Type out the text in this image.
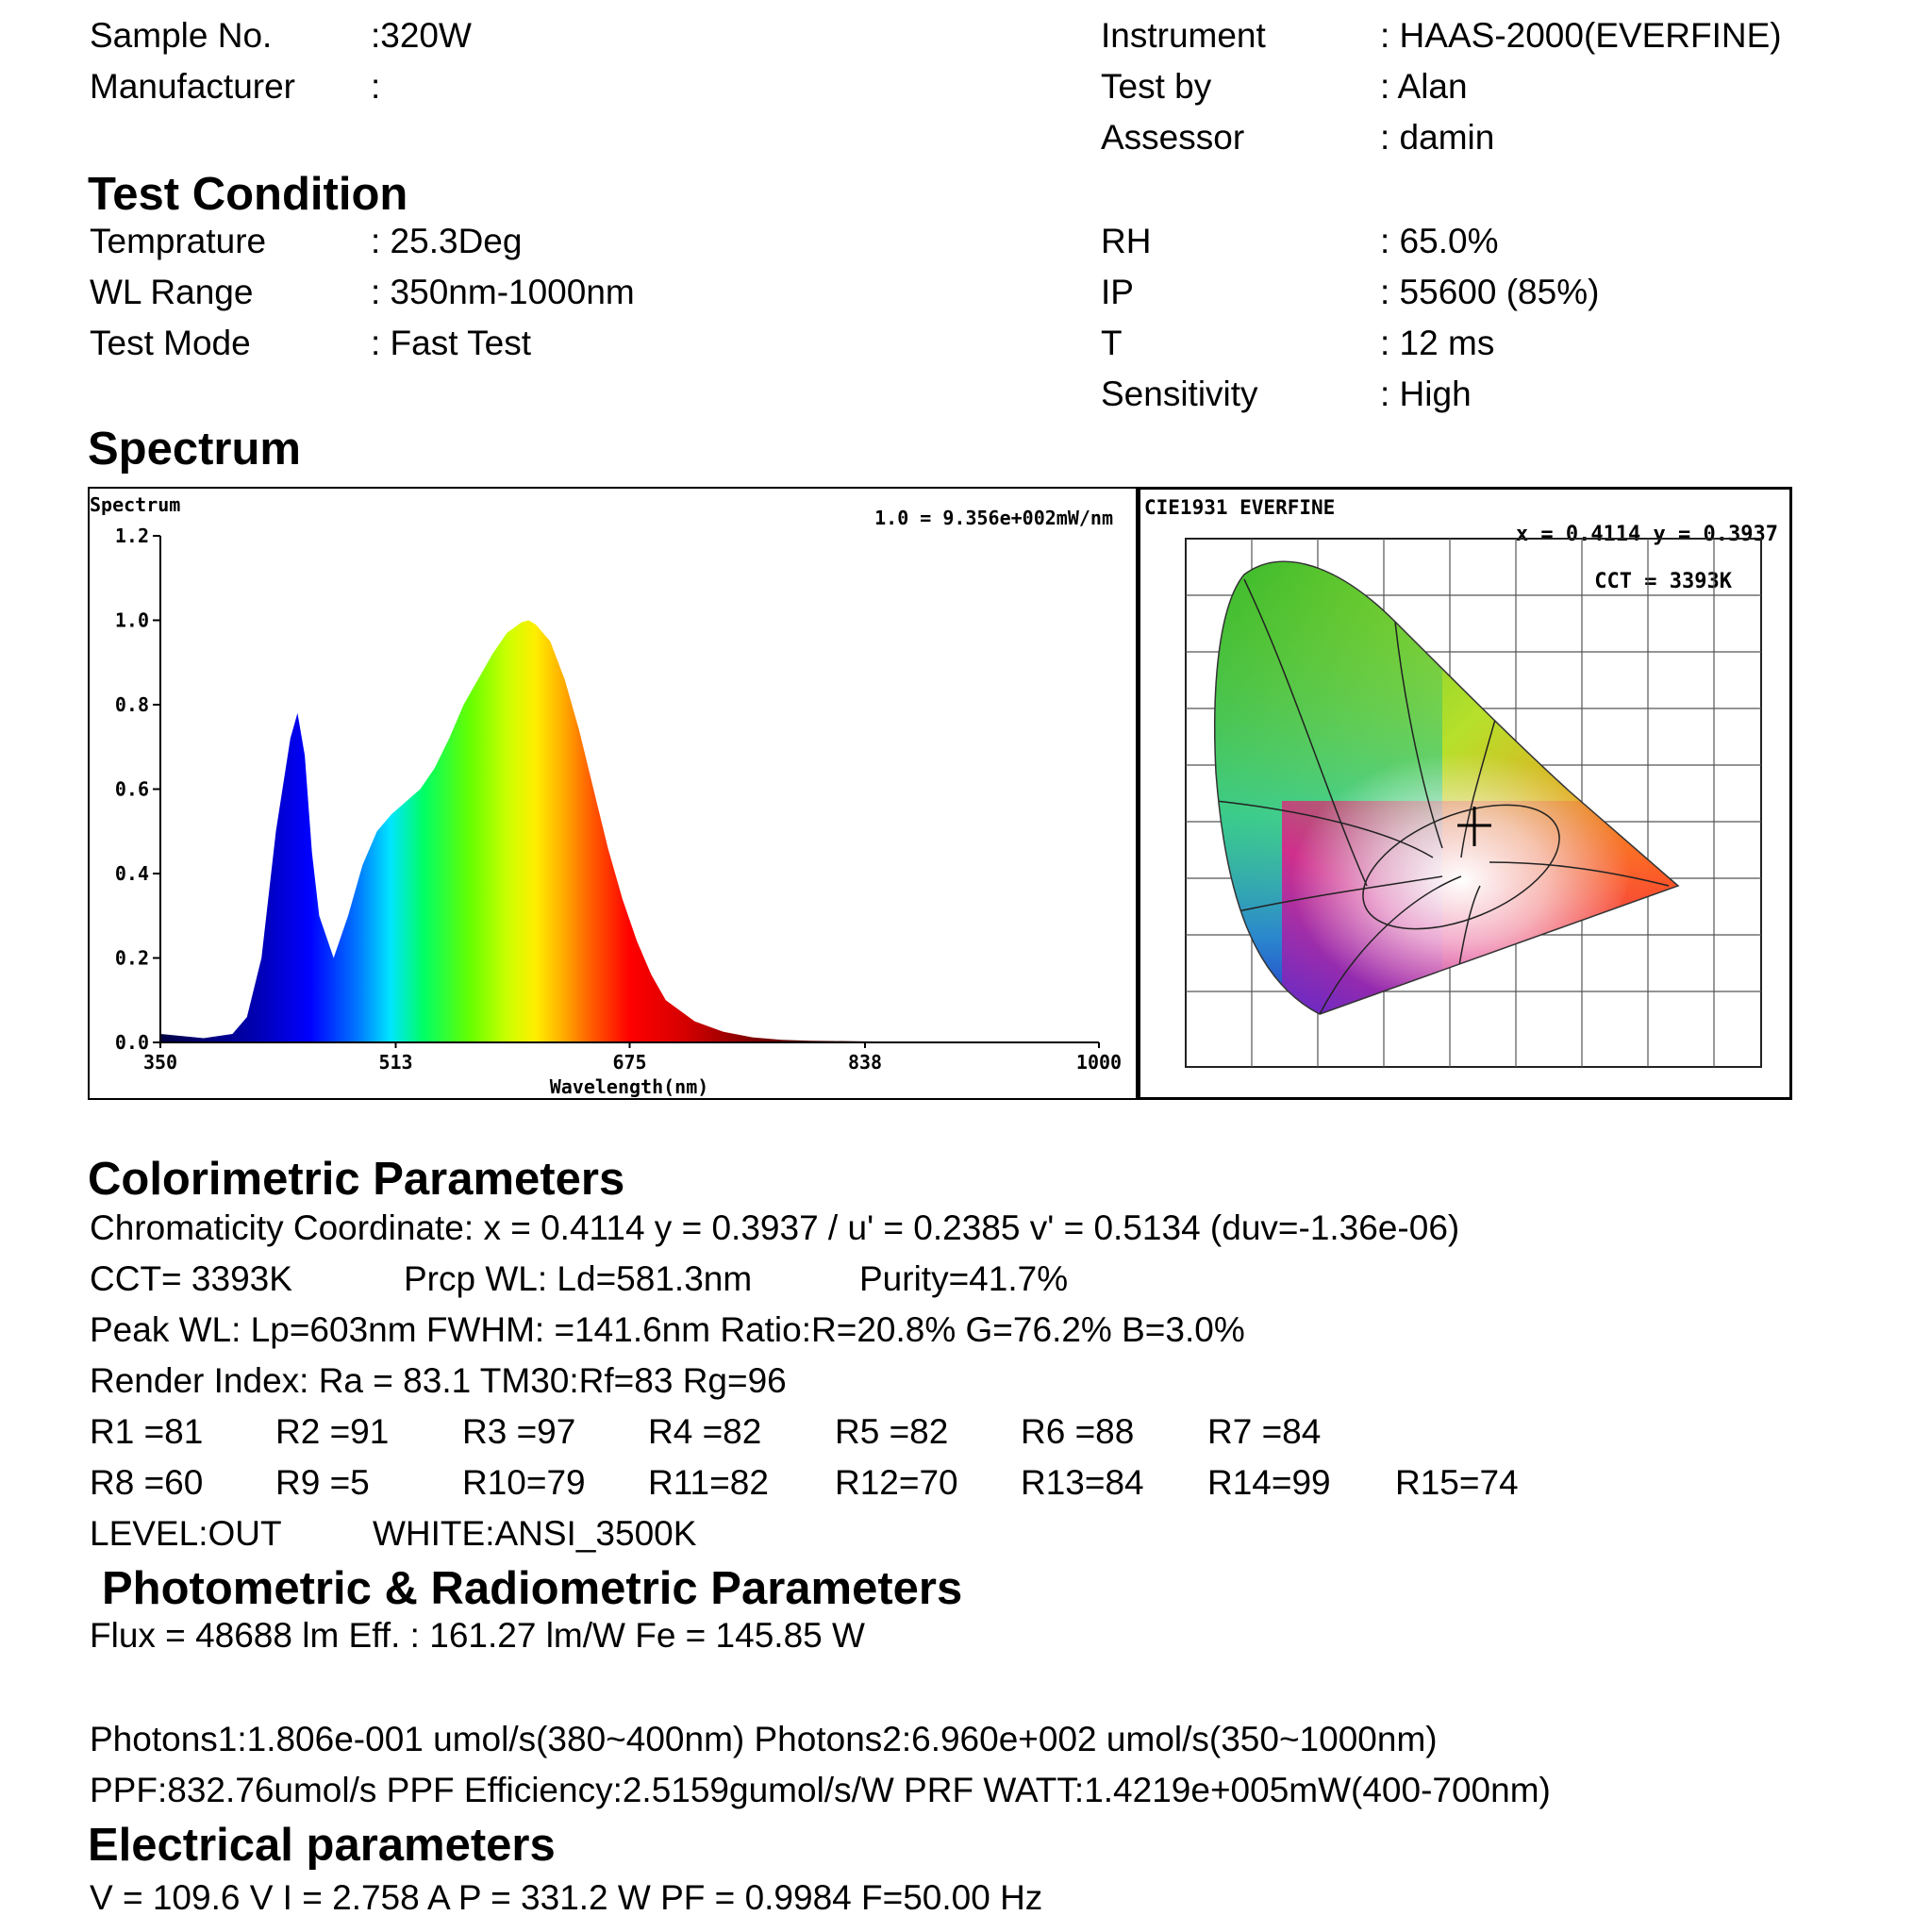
Sample No.	:320W
Manufacturer :
Instrument	: HAAS-2000(EVERFINE)
Test by	: Alan
Assessor	: damin
Test Condition
Temprature	: 25.3Deg
WL Range	: 350nm-1000nm
Test Mode	: Fast Test
RH	: 65.0%
IP	: 55600 (85%)
T	: 12 ms
Sensitivity	: High
Spectrum
Spectrum
1.0 = 9.356e+002mW/nm
0.0
0.2
0.4
0.6
0.8
1.0
1.2
350	513	675	838	1000
Wavelength(nm)
CIE1931 EVERFINE
x = 0.4114 y = 0.3937
CCT = 3393K
Colorimetric Parameters
Chromaticity Coordinate: x = 0.4114 y = 0.3937 / u' = 0.2385 v' = 0.5134 (duv=-1.36e-06)
CCT= 3393K	Prcp WL: Ld=581.3nm	Purity=41.7%
Peak WL: Lp=603nm FWHM: =141.6nm Ratio:R=20.8% G=76.2% B=3.0%
Render Index: Ra = 83.1 TM30:Rf=83 Rg=96
R1 =81 R2 =91 R3 =97 R4 =82 R5 =82 R6 =88 R7 =84
R8 =60 R9 =5	R10=79 R11=82 R12=70 R13=84 R14=99 R15=74
LEVEL:OUT	WHITE:ANSI_3500K
Photometric & Radiometric Parameters
Flux = 48688 lm Eff. : 161.27 lm/W Fe = 145.85 W
Photons1:1.806e-001 umol/s(380~400nm) Photons2:6.960e+002 umol/s(350~1000nm)
PPF:832.76umol/s PPF Efficiency:2.5159gumol/s/W PRF WATT:1.4219e+005mW(400-700nm)
Electrical parameters
V = 109.6 V I = 2.758 A P = 331.2 W PF = 0.9984 F=50.00 Hz
